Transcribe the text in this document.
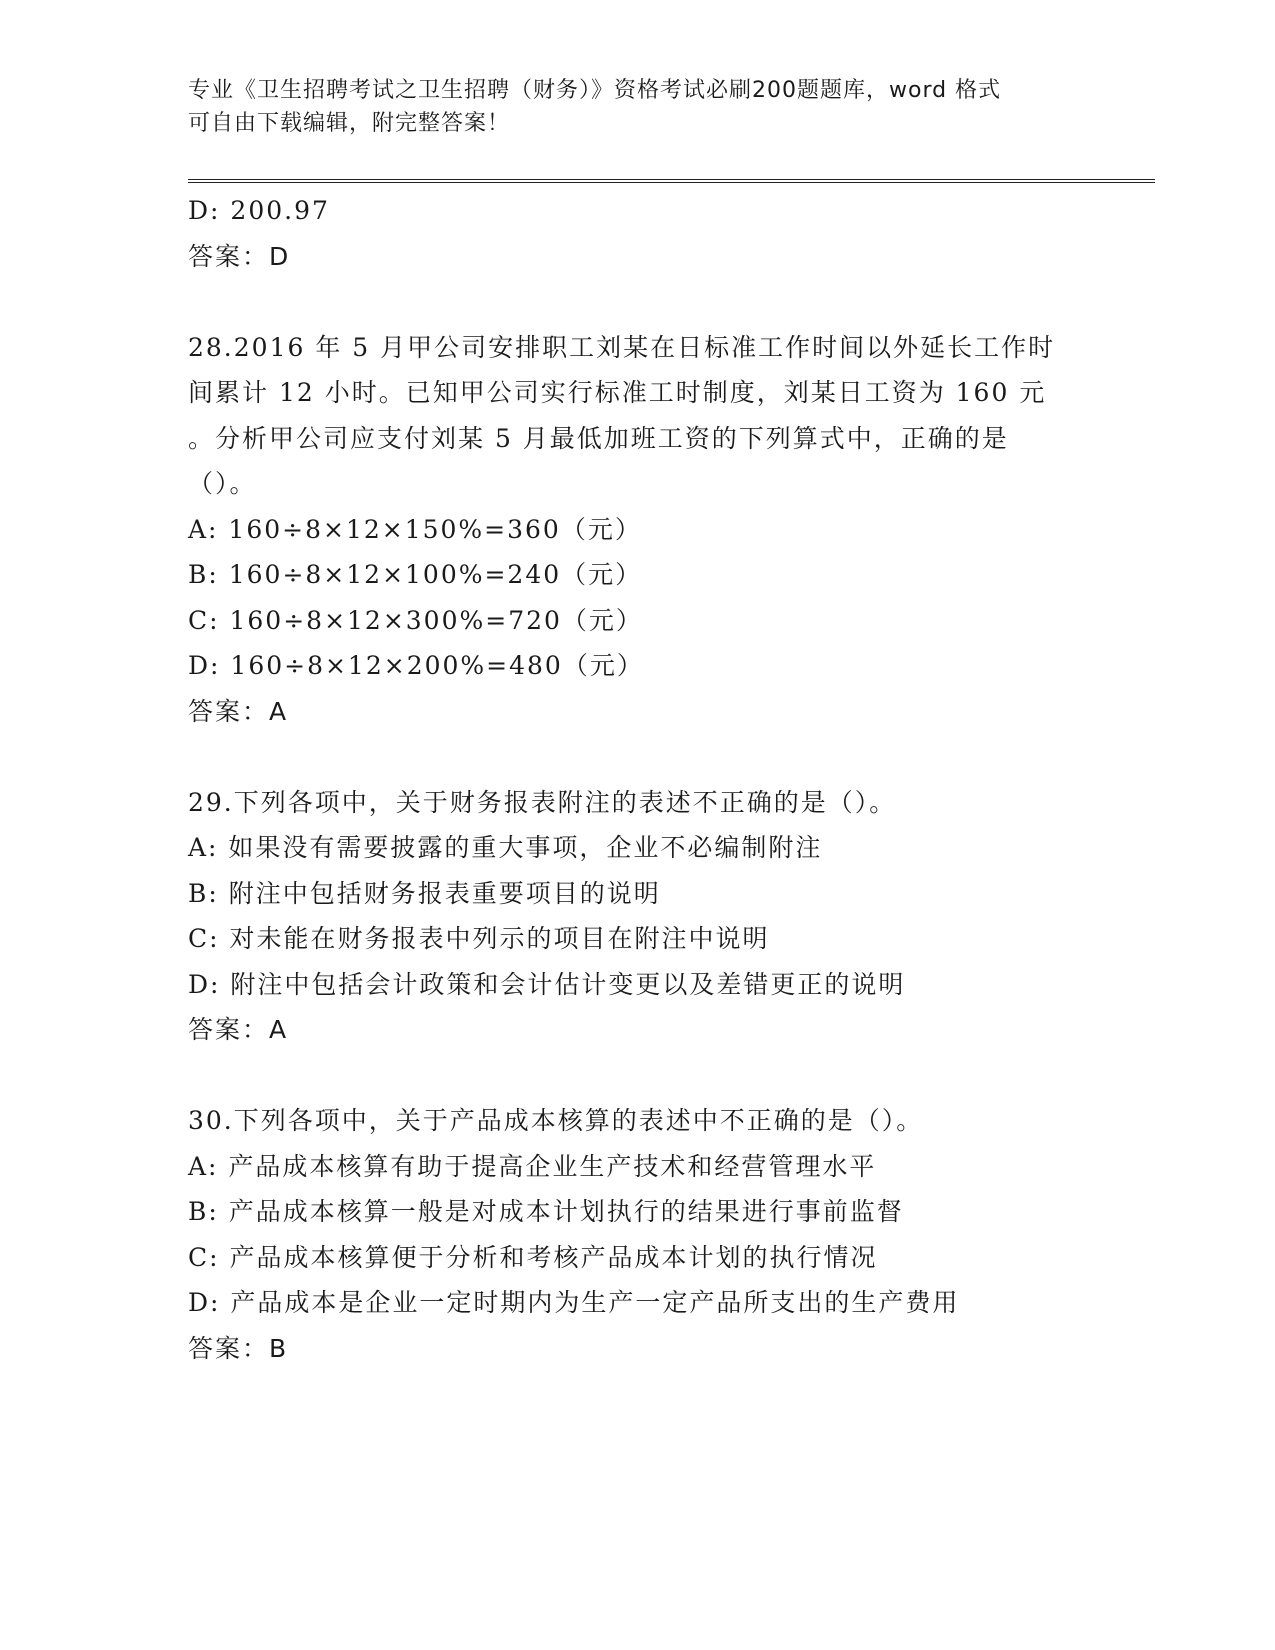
专业《卫生招聘考试之卫生招聘（财务）》资格考试必刷200题题库，word 格式
可自由下载编辑，附完整答案！
D: 200.97
答案：D
28.2016 年 5 月甲公司安排职工刘某在日标准工作时间以外延长工作时
间累计 12 小时。已知甲公司实行标准工时制度，刘某日工资为 160 元
。分析甲公司应支付刘某 5 月最低加班工资的下列算式中，正确的是
（）。
A: 160÷8×12×150%=360（元）
B: 160÷8×12×100%=240（元）
C: 160÷8×12×300%=720（元）
D: 160÷8×12×200%=480（元）
答案：A
29.下列各项中，关于财务报表附注的表述不正确的是（）。
A: 如果没有需要披露的重大事项，企业不必编制附注
B: 附注中包括财务报表重要项目的说明
C: 对未能在财务报表中列示的项目在附注中说明
D: 附注中包括会计政策和会计估计变更以及差错更正的说明
答案：A
30.下列各项中，关于产品成本核算的表述中不正确的是（）。
A: 产品成本核算有助于提高企业生产技术和经营管理水平
B: 产品成本核算一般是对成本计划执行的结果进行事前监督
C: 产品成本核算便于分析和考核产品成本计划的执行情况
D: 产品成本是企业一定时期内为生产一定产品所支出的生产费用
答案：B
